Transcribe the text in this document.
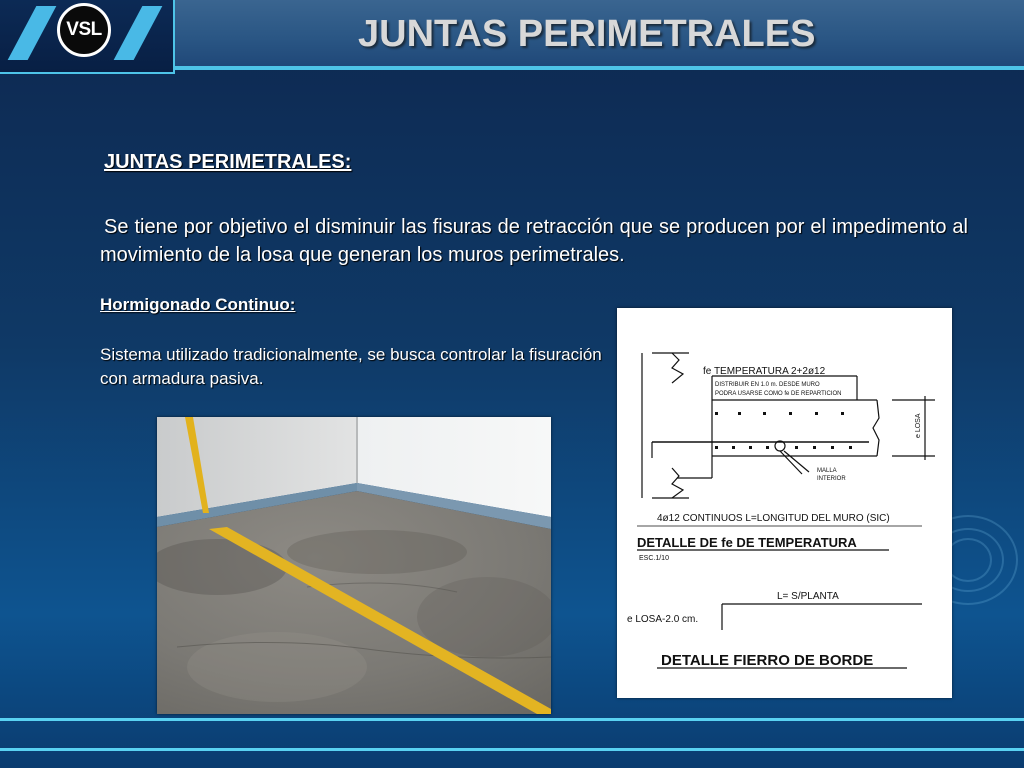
VSL	JUNTAS PERIMETRALES
JUNTAS PERIMETRALES:

Se tiene por objetivo el disminuir las fisuras de retracción que se producen por el impedimento al movimiento de la losa que generan los muros perimetrales.

Hormigonado Continuo:

Sistema utilizado tradicionalmente, se busca controlar la fisuración con armadura pasiva.	fe TEMPERATURA 2+2ø12
DISTRIBUIR EN 1.0 m. DESDE MURO
PODRA USARSE COMO fe DE REPARTICION
e LOSA
MALLA
INTERIOR
4ø12 CONTINUOS L=LONGITUD DEL MURO (SIC)
DETALLE DE fe DE TEMPERATURA
ESC.1/10
L= S/PLANTA
e LOSA-2.0 cm.
DETALLE FIERRO DE BORDE
